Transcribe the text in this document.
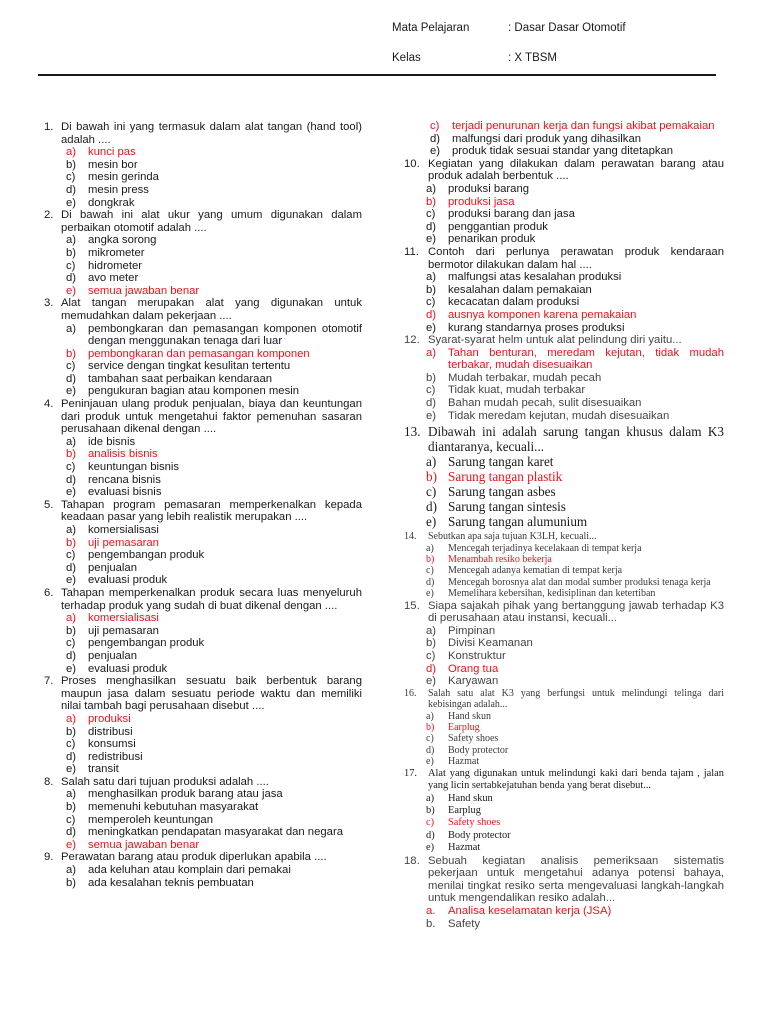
Mata Pelajaran	: Dasar Dasar Otomotif
Kelas	: X TBSM
1. Di bawah ini yang termasuk dalam alat tangan (hand tool) adalah ....
a)	kunci pas
b)	mesin bor
c)	mesin gerinda
d)	mesin press
e)	dongkrak
2. Di bawah ini alat ukur yang umum digunakan dalam perbaikan otomotif adalah ....
a)	angka sorong
b)	mikrometer
c)	hidrometer
d)	avo meter
e)	semua jawaban benar
3. Alat tangan merupakan alat yang digunakan untuk memudahkan dalam pekerjaan ....
a)	pembongkaran dan pemasangan komponen otomotif dengan menggunakan tenaga dari luar
b)	pembongkaran dan pemasangan komponen
c)	service dengan tingkat kesulitan tertentu
d)	tambahan saat perbaikan kendaraan
e)	pengukuran bagian atau komponen mesin
4. Peninjauan ulang produk penjualan, biaya dan keuntungan dari produk untuk mengetahui faktor pemenuhan sasaran perusahaan dikenal dengan ....
a)	ide bisnis
b)	analisis bisnis
c)	keuntungan bisnis
d)	rencana bisnis
e)	evaluasi bisnis
5. Tahapan program pemasaran memperkenalkan kepada keadaan pasar yang lebih realistik merupakan ....
a)	komersialisasi
b)	uji pemasaran
c)	pengembangan produk
d)	penjualan
e)	evaluasi produk
6. Tahapan memperkenalkan produk secara luas menyeluruh terhadap produk yang sudah di buat dikenal dengan ....
a)	komersialisasi
b)	uji pemasaran
c)	pengembangan produk
d)	penjualan
e)	evaluasi produk
7. Proses menghasilkan sesuatu baik berbentuk barang maupun jasa dalam sesuatu periode waktu dan memiliki nilai tambah bagi perusahaan disebut ....
a)	produksi
b)	distribusi
c)	konsumsi
d)	redistribusi
e)	transit
8. Salah satu dari tujuan produksi adalah ....
a)	menghasilkan produk barang atau jasa
b)	memenuhi kebutuhan masyarakat
c)	memperoleh keuntungan
d)	meningkatkan pendapatan masyarakat dan negara
e)	semua jawaban benar
9. Perawatan barang atau produk diperlukan apabila ....
a)	ada keluhan atau komplain dari pemakai
b)	ada kesalahan teknis pembuatan
c)	terjadi penurunan kerja dan fungsi akibat pemakaian
d)	malfungsi dari produk yang dihasilkan
e)	produk tidak sesuai standar yang ditetapkan
10. Kegiatan yang dilakukan dalam perawatan barang atau produk adalah berbentuk ....
a)	produksi barang
b)	produksi jasa
c)	produksi barang dan jasa
d)	penggantian produk
e)	penarikan produk
11. Contoh dari perlunya perawatan produk kendaraan bermotor dilakukan dalam hal ....
a)	malfungsi atas kesalahan produksi
b)	kesalahan dalam pemakaian
c)	kecacatan dalam produksi
d)	ausnya komponen karena pemakaian
e)	kurang standarnya proses produksi
12. Syarat-syarat helm untuk alat pelindung diri yaitu...
a)	Tahan benturan, meredam kejutan, tidak mudah terbakar, mudah disesuaikan
b)	Mudah terbakar, mudah pecah
c)	Tidak kuat, mudah terbakar
d)	Bahan mudah pecah, sulit disesuaikan
e)	Tidak meredam kejutan, mudah disesuaikan
13. Dibawah ini adalah sarung tangan khusus dalam K3 diantaranya, kecuali...
a) Sarung tangan karet
b) Sarung tangan plastik
c) Sarung tangan asbes
d) Sarung tangan sintesis
e) Sarung tangan alumunium
14.	Sebutkan apa saja tujuan K3LH, kecuali...
a)	Mencegah terjadinya kecelakaan di tempat kerja
b)	Menambah resiko bekerja
c)	Mencegah adanya kematian di tempat kerja
d)	Mencegah borosnya alat dan modal sumber produksi tenaga kerja
e)	Memelihara kebersihan, kedisiplinan dan ketertiban
15. Siapa sajakah pihak yang bertanggung jawab terhadap K3 di perusahaan atau instansi, kecuali...
a)	Pimpinan
b)	Divisi Keamanan
c)	Konstruktur
d)	Orang tua
e)	Karyawan
16.	Salah satu alat K3 yang berfungsi untuk melindungi telinga dari kebisingan adalah...
a)	Hand skun
b)	Earplug
c)	Safety shoes
d)	Body protector
e)	Hazmat
17.	Alat yang digunakan untuk melindungi kaki dari benda tajam , jalan yang licin sertabkejatuhan benda yang berat disebut...
a)	Hand skun
b)	Earplug
c)	Safety shoes
d)	Body protector
e)	Hazmat
18. Sebuah kegiatan analisis pemeriksaan sistematis pekerjaan untuk mengetahui adanya potensi bahaya, menilai tingkat resiko serta mengevaluasi langkah-langkah untuk mengendalikan resiko adalah...
a.	Analisa keselamatan kerja (JSA)
b.	Safety
